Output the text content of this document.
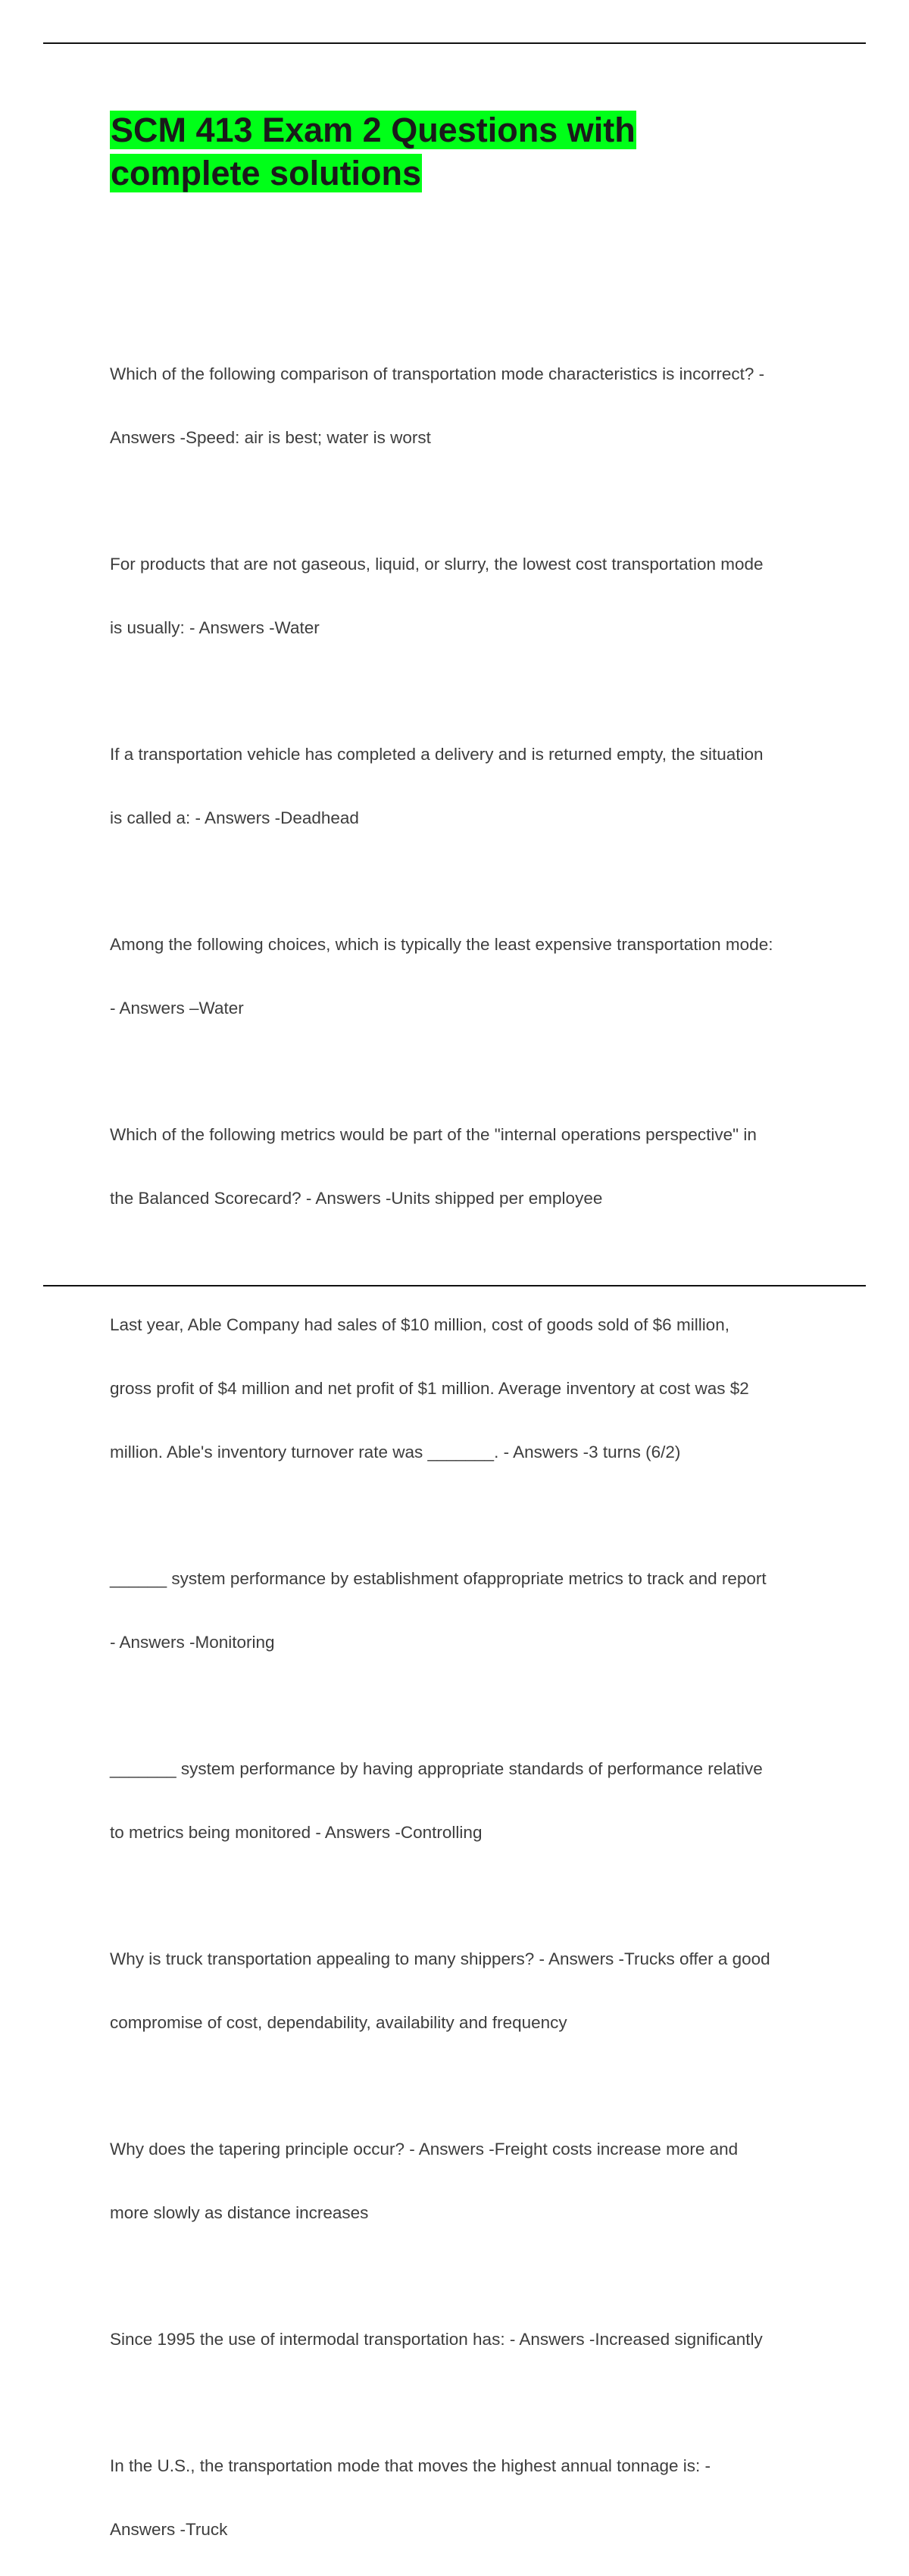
SCM 413 Exam 2 Questions with
complete solutions

Which of the following comparison of transportation mode characteristics is incorrect? -

Answers -Speed: air is best; water is worst

For products that are not gaseous, liquid, or slurry, the lowest cost transportation mode

is usually: - Answers -Water

If a transportation vehicle has completed a delivery and is returned empty, the situation

is called a: - Answers -Deadhead

Among the following choices, which is typically the least expensive transportation mode:

- Answers –Water

Which of the following metrics would be part of the "internal operations perspective" in

the Balanced Scorecard? - Answers -Units shipped per employee

Last year, Able Company had sales of $10 million, cost of goods sold of $6 million,

gross profit of $4 million and net profit of $1 million. Average inventory at cost was $2

million. Able's inventory turnover rate was _______. - Answers -3 turns (6/2)

______ system performance by establishment ofappropriate metrics to track and report

- Answers -Monitoring

_______ system performance by having appropriate standards of performance relative

to metrics being monitored - Answers -Controlling

Why is truck transportation appealing to many shippers? - Answers -Trucks offer a good

compromise of cost, dependability, availability and frequency

Why does the tapering principle occur? - Answers -Freight costs increase more and

more slowly as distance increases

Since 1995 the use of intermodal transportation has: - Answers -Increased significantly

In the U.S., the transportation mode that moves the highest annual tonnage is: -

Answers -Truck
